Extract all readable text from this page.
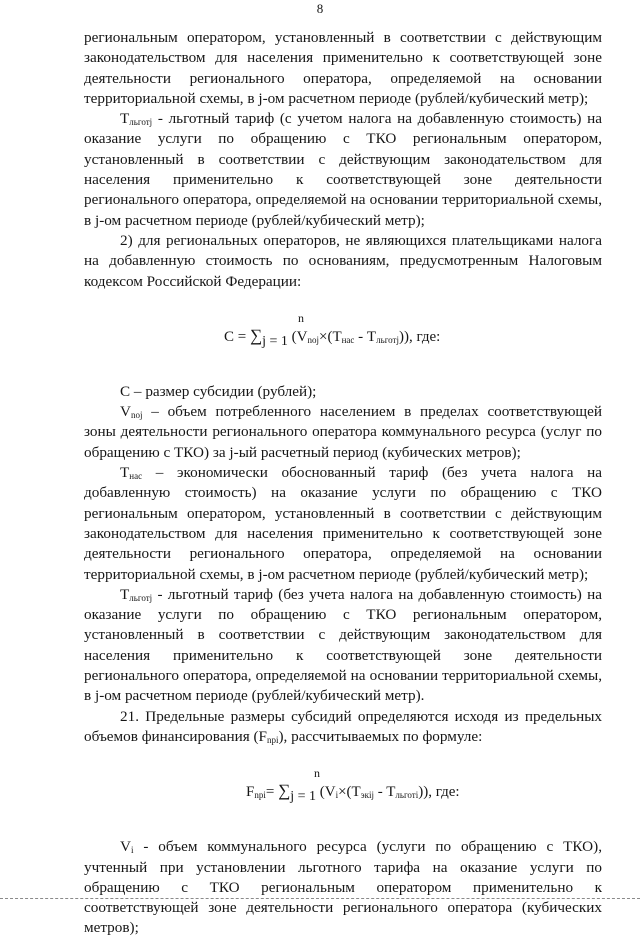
8

региональным оператором, установленный в соответствии с действующим законодательством для населения применительно к соответствующей зоне деятельности регионального оператора, определяемой на основании территориальной схемы, в j-ом расчетном периоде (рублей/кубический метр);

$T_{льготj}$ - льготный тариф (с учетом налога на добавленную стоимость) на оказание услуги по обращению с ТКО региональным оператором, установленный в соответствии с действующим законодательством для населения применительно к соответствующей зоне деятельности регионального оператора, определяемой на основании территориальной схемы, в j-ом расчетном периоде (рублей/кубический метр);

2) для региональных операторов, не являющихся плательщиками налога на добавленную стоимость по основаниям, предусмотренным Налоговым кодексом Российской Федерации:

n
C = ∑j = 1 $(V_{noj}\times(T_{нас} - T_{льготj}))$, где:

C – размер субсидии (рублей);

$V_{noj}$ – объем потребленного населением в пределах соответствующей зоны деятельности регионального оператора коммунального ресурса (услуг по обращению с ТКО) за j-ый расчетный период (кубических метров);

$T_{нас}$ – экономически обоснованный тариф (без учета налога на добавленную стоимость) на оказание услуги по обращению с ТКО региональным оператором, установленный в соответствии с действующим законодательством для населения применительно к соответствующей зоне деятельности регионального оператора, определяемой на основании территориальной схемы, в j-ом расчетном периоде (рублей/кубический метр);

$T_{льготj}$ - льготный тариф (без учета налога на добавленную стоимость) на оказание услуги по обращению с ТКО региональным оператором, установленный в соответствии с действующим законодательством для населения применительно к соответствующей зоне деятельности регионального оператора, определяемой на основании территориальной схемы, в j-ом расчетном периоде (рублей/кубический метр).

21. Предельные размеры субсидий определяются исходя из предельных объемов финансирования $(F_{npi})$, рассчитываемых по формуле:

n
$F_{npi}= \sum j = 1$ $(V_i\times(T_{экij} - T_{льготi}))$, где:

$V_i$ - объем коммунального ресурса (услуги по обращению с ТКО), учтенный при установлении льготного тарифа на оказание услуги по обращению с ТКО региональным оператором применительно к соответствующей зоне деятельности регионального оператора (кубических метров);
